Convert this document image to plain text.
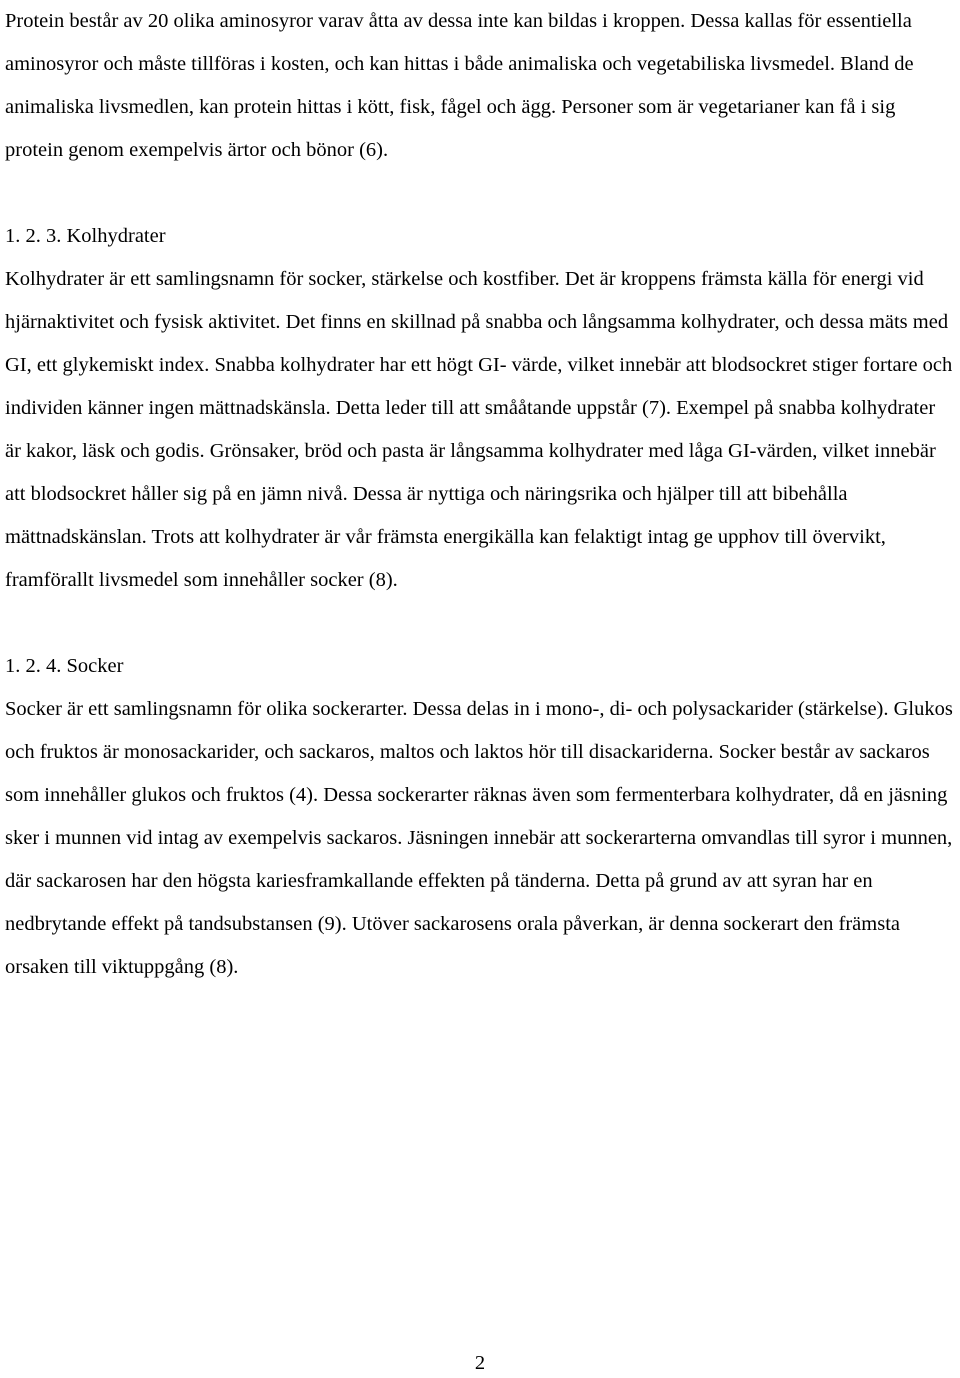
Protein består av 20 olika aminosyror varav åtta av dessa inte kan bildas i kroppen. Dessa kallas för essentiella aminosyror och måste tillföras i kosten, och kan hittas i både animaliska och vegetabiliska livsmedel. Bland de animaliska livsmedlen, kan protein hittas i kött, fisk, fågel och ägg. Personer som är vegetarianer kan få i sig protein genom exempelvis ärtor och bönor (6).

1. 2. 3. Kolhydrater

Kolhydrater är ett samlingsnamn för socker, stärkelse och kostfiber. Det är kroppens främsta källa för energi vid hjärnaktivitet och fysisk aktivitet. Det finns en skillnad på snabba och långsamma kolhydrater, och dessa mäts med GI, ett glykemiskt index. Snabba kolhydrater har ett högt GI- värde, vilket innebär att blodsockret stiger fortare och individen känner ingen mättnadskänsla. Detta leder till att smååtande uppstår (7). Exempel på snabba kolhydrater är kakor, läsk och godis. Grönsaker, bröd och pasta är långsamma kolhydrater med låga GI-värden, vilket innebär att blodsockret håller sig på en jämn nivå. Dessa är nyttiga och näringsrika och hjälper till att bibehålla mättnadskänslan. Trots att kolhydrater är vår främsta energikälla kan felaktigt intag ge upphov till övervikt, framförallt livsmedel som innehåller socker (8).

1. 2. 4. Socker

Socker är ett samlingsnamn för olika sockerarter. Dessa delas in i mono-, di- och polysackarider (stärkelse). Glukos och fruktos är monosackarider, och sackaros, maltos och laktos hör till disackariderna. Socker består av sackaros som innehåller glukos och fruktos (4). Dessa sockerarter räknas även som fermenterbara kolhydrater, då en jäsning sker i munnen vid intag av exempelvis sackaros. Jäsningen innebär att sockerarterna omvandlas till syror i munnen, där sackarosen har den högsta kariesframkallande effekten på tänderna. Detta på grund av att syran har en nedbrytande effekt på tandsubstansen (9). Utöver sackarosens orala påverkan, är denna sockerart den främsta orsaken till viktuppgång (8).

2
